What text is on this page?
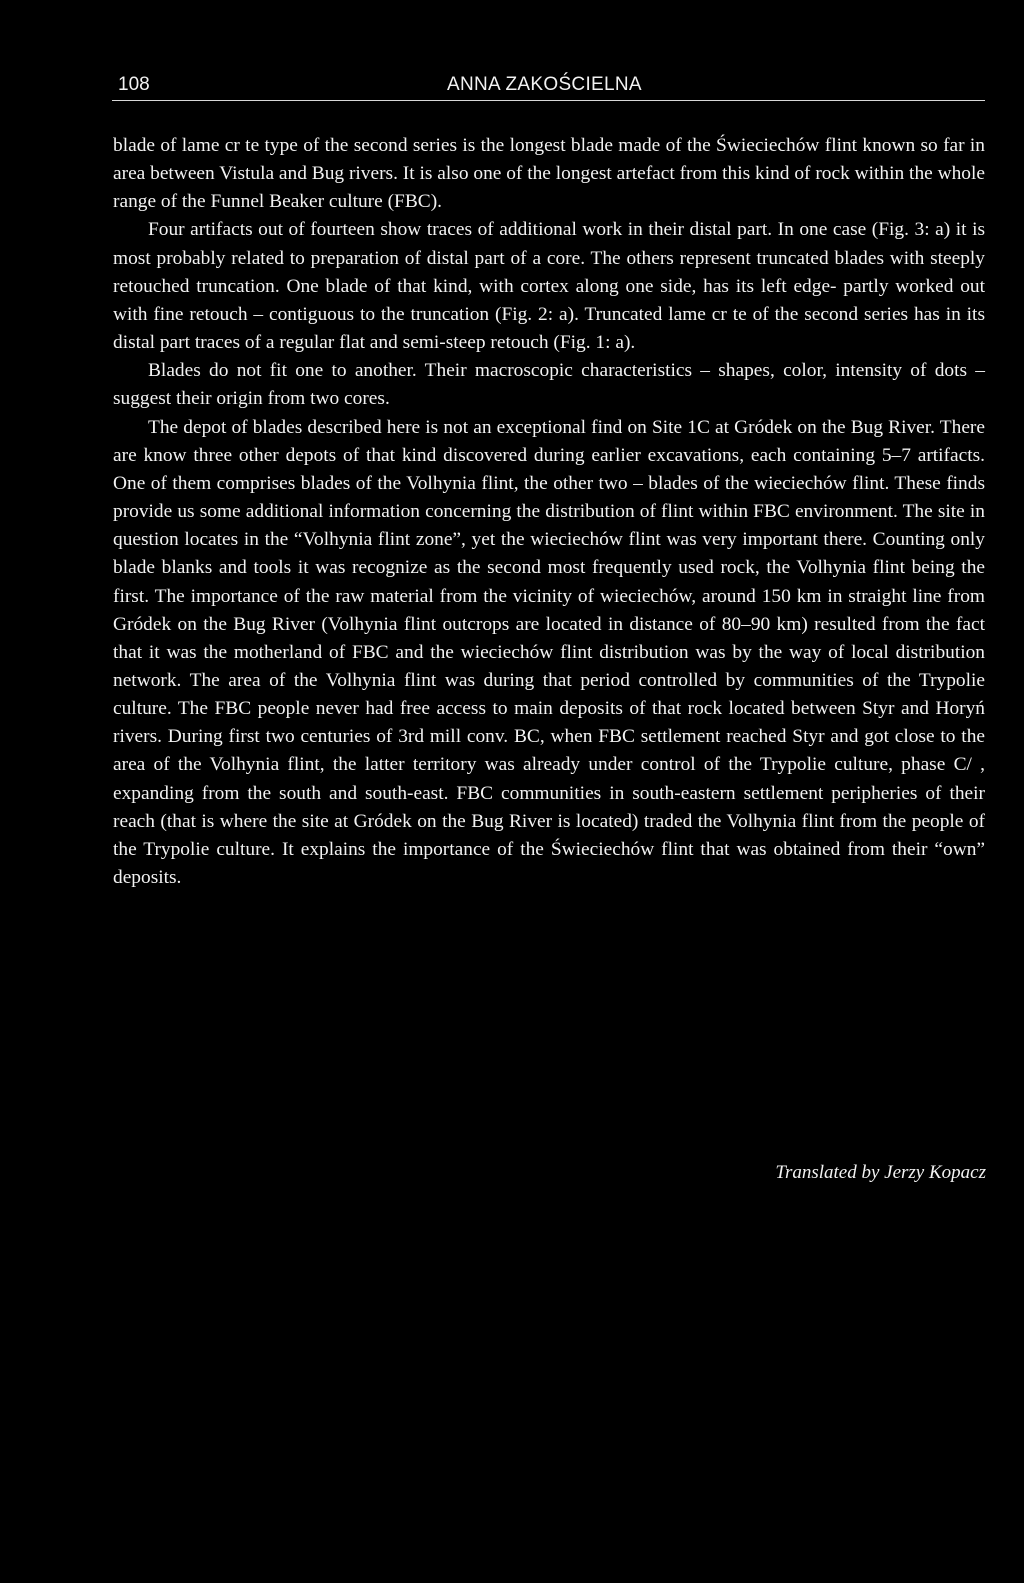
108	ANNA ZAKOŚCIELNA

blade of lame cr te type of the second series is the longest blade made of the Świeciechów flint known so far in area between Vistula and Bug rivers. It is also one of the longest artefact from this kind of rock within the whole range of the Funnel Beaker culture (FBC).

Four artifacts out of fourteen show traces of additional work in their distal part. In one case (Fig. 3: a) it is most probably related to preparation of distal part of a core. The others represent truncated blades with steeply retouched truncation. One blade of that kind, with cortex along one side, has its left edge- partly worked out with fine retouch – contiguous to the truncation (Fig. 2: a). Truncated lame cr te of the second series has in its distal part traces of a regular flat and semi-steep retouch (Fig. 1: a).

Blades do not fit one to another. Their macroscopic characteristics – shapes, color, intensity of dots – suggest their origin from two cores.

The depot of blades described here is not an exceptional find on Site 1C at Gródek on the Bug River. There are know three other depots of that kind discovered during earlier excavations, each containing 5–7 artifacts. One of them comprises blades of the Volhynia flint, the other two – blades of the wieciechów flint. These finds provide us some additional information concerning the distribution of flint within FBC environment. The site in question locates in the “Volhynia flint zone”, yet the wieciechów flint was very important there. Counting only blade blanks and tools it was recognize as the second most frequently used rock, the Volhynia flint being the first. The importance of the raw material from the vicinity of wieciechów, around 150 km in straight line from Gródek on the Bug River (Volhynia flint outcrops are located in distance of 80–90 km) resulted from the fact that it was the motherland of FBC and the wieciechów flint distribution was by the way of local distribution network. The area of the Volhynia flint was during that period controlled by communities of the Trypolie culture. The FBC people never had free access to main deposits of that rock located between Styr and Horyń rivers. During first two centuries of 3rd mill conv. BC, when FBC settlement reached Styr and got close to the area of the Volhynia flint, the latter territory was already under control of the Trypolie culture, phase C/ , expanding from the south and south-east. FBC communities in south-eastern settlement peripheries of their reach (that is where the site at Gródek on the Bug River is located) traded the Volhynia flint from the people of the Trypolie culture. It explains the importance of the Świeciechów flint that was obtained from their “own” deposits.

Translated by Jerzy Kopacz
